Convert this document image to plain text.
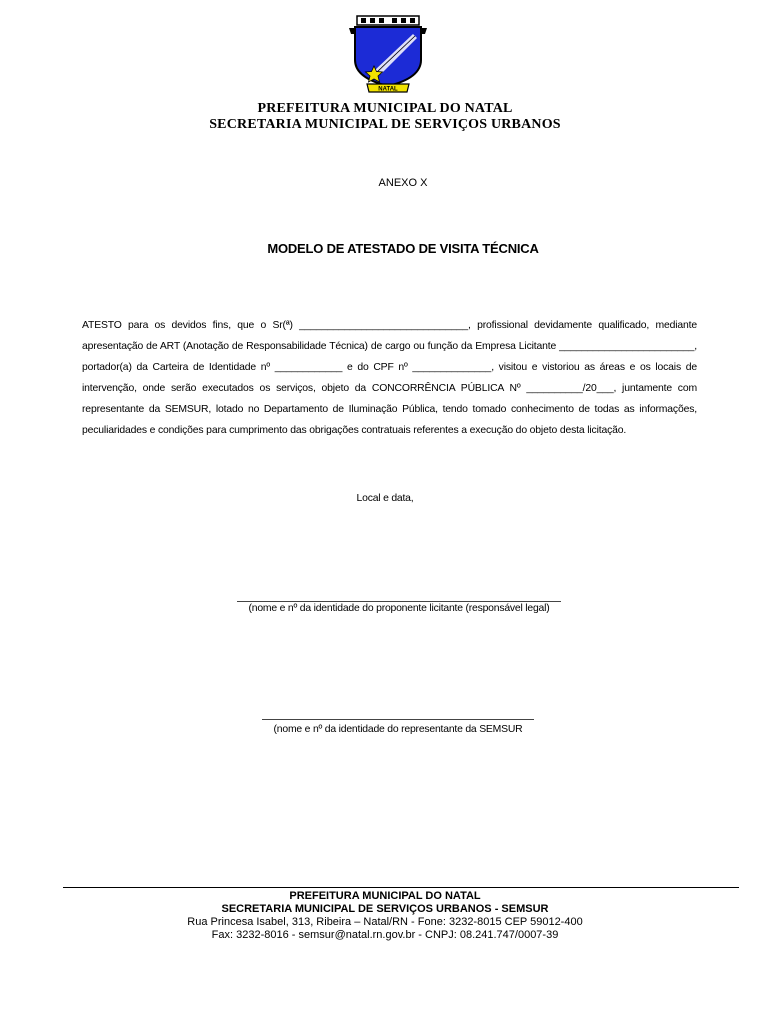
NATAL
PREFEITURA MUNICIPAL DO NATAL
SECRETARIA MUNICIPAL DE SERVIÇOS URBANOS
ANEXO X
MODELO DE ATESTADO DE VISITA TÉCNICA
ATESTO para os devidos fins, que o Sr(ª) ______________________________, profissional devidamente qualificado, mediante apresentação de ART (Anotação de Responsabilidade Técnica) de cargo ou função da Empresa Licitante ________________________, portador(a) da Carteira de Identidade nº ____________ e do CPF nº ______________, visitou e vistoriou as áreas e os locais de intervenção, onde serão executados os serviços, objeto da CONCORRÊNCIA PÚBLICA Nº __________/20___, juntamente com representante da SEMSUR, lotado no Departamento de Iluminação Pública, tendo tomado conhecimento de todas as informações, peculiaridades e condições para cumprimento das obrigações contratuais referentes a execução do objeto desta licitação.
Local e data,
(nome e nº da identidade do proponente licitante (responsável legal)
(nome e nº da identidade do representante da SEMSUR
PREFEITURA MUNICIPAL DO NATAL
SECRETARIA MUNICIPAL DE SERVIÇOS URBANOS - SEMSUR
Rua Princesa Isabel, 313, Ribeira – Natal/RN - Fone: 3232-8015 CEP 59012-400
Fax: 3232-8016 - semsur@natal.rn.gov.br - CNPJ: 08.241.747/0007-39
